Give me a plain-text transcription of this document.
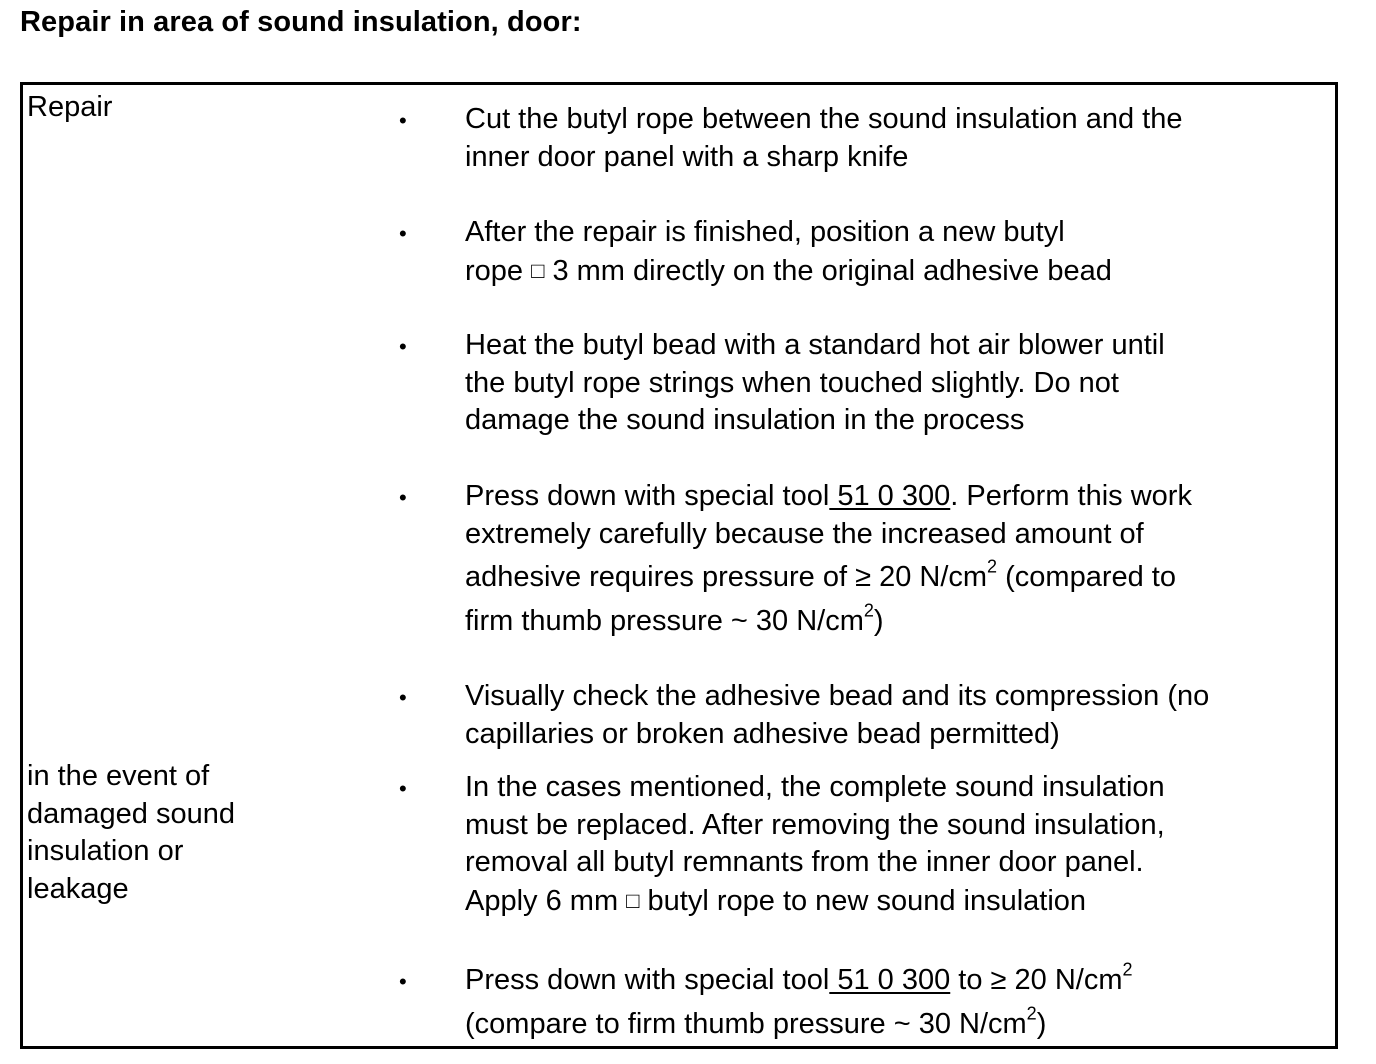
Repair in area of sound insulation, door:
Repair
in the event of
damaged sound
insulation or
leakage
• Cut the butyl rope between the sound insulation and the
inner door panel with a sharp knife
• After the repair is finished, position a new butyl
rope □ 3 mm directly on the original adhesive bead
• Heat the butyl bead with a standard hot air blower until
the butyl rope strings when touched slightly. Do not
damage the sound insulation in the process
• Press down with special tool 51 0 300. Perform this work
extremely carefully because the increased amount of
adhesive requires pressure of ≥ 20 $N/cm^2$ (compared to
firm thumb pressure ~ 30 $N/cm^2$)
• Visually check the adhesive bead and its compression (no
capillaries or broken adhesive bead permitted)
• In the cases mentioned, the complete sound insulation
must be replaced. After removing the sound insulation,
removal all butyl remnants from the inner door panel.
Apply 6 mm □ butyl rope to new sound insulation
• Press down with special tool 51 0 300 to ≥ 20 $N/cm^2$
(compare to firm thumb pressure ~ 30 $N/cm^2$)
